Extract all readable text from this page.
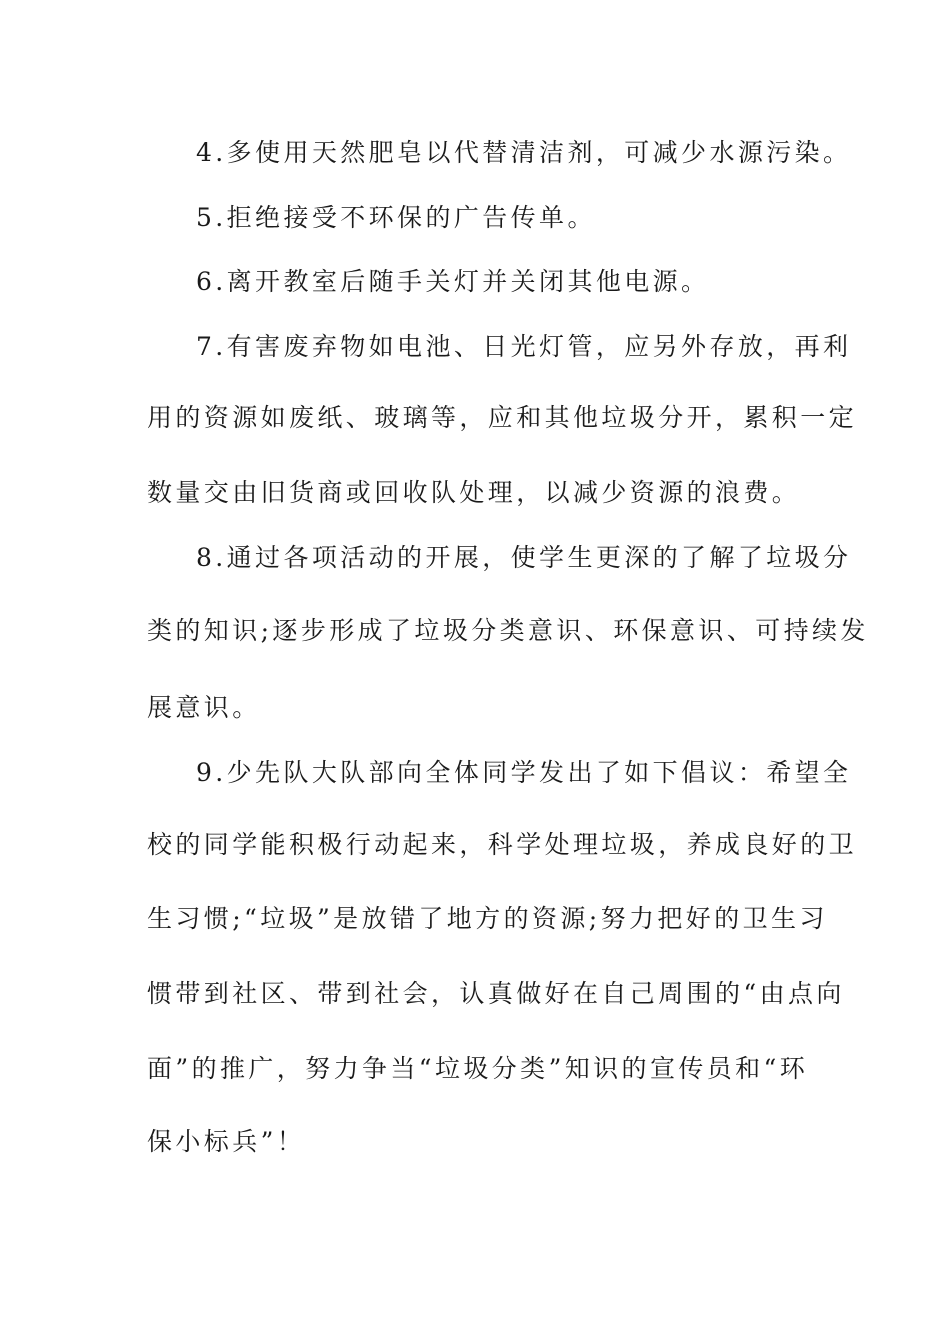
4.多使用天然肥皂以代替清洁剂，可减少水源污染。
5.拒绝接受不环保的广告传单。
6.离开教室后随手关灯并关闭其他电源。
7.有害废弃物如电池、日光灯管，应另外存放，再利
用的资源如废纸、玻璃等，应和其他垃圾分开，累积一定
数量交由旧货商或回收队处理，以减少资源的浪费。
8.通过各项活动的开展，使学生更深的了解了垃圾分
类的知识;逐步形成了垃圾分类意识、环保意识、可持续发
展意识。
9.少先队大队部向全体同学发出了如下倡议：希望全
校的同学能积极行动起来，科学处理垃圾，养成良好的卫
生习惯;“垃圾”是放错了地方的资源;努力把好的卫生习
惯带到社区、带到社会，认真做好在自己周围的“由点向
面”的推广，努力争当“垃圾分类”知识的宣传员和“环
保小标兵”！
